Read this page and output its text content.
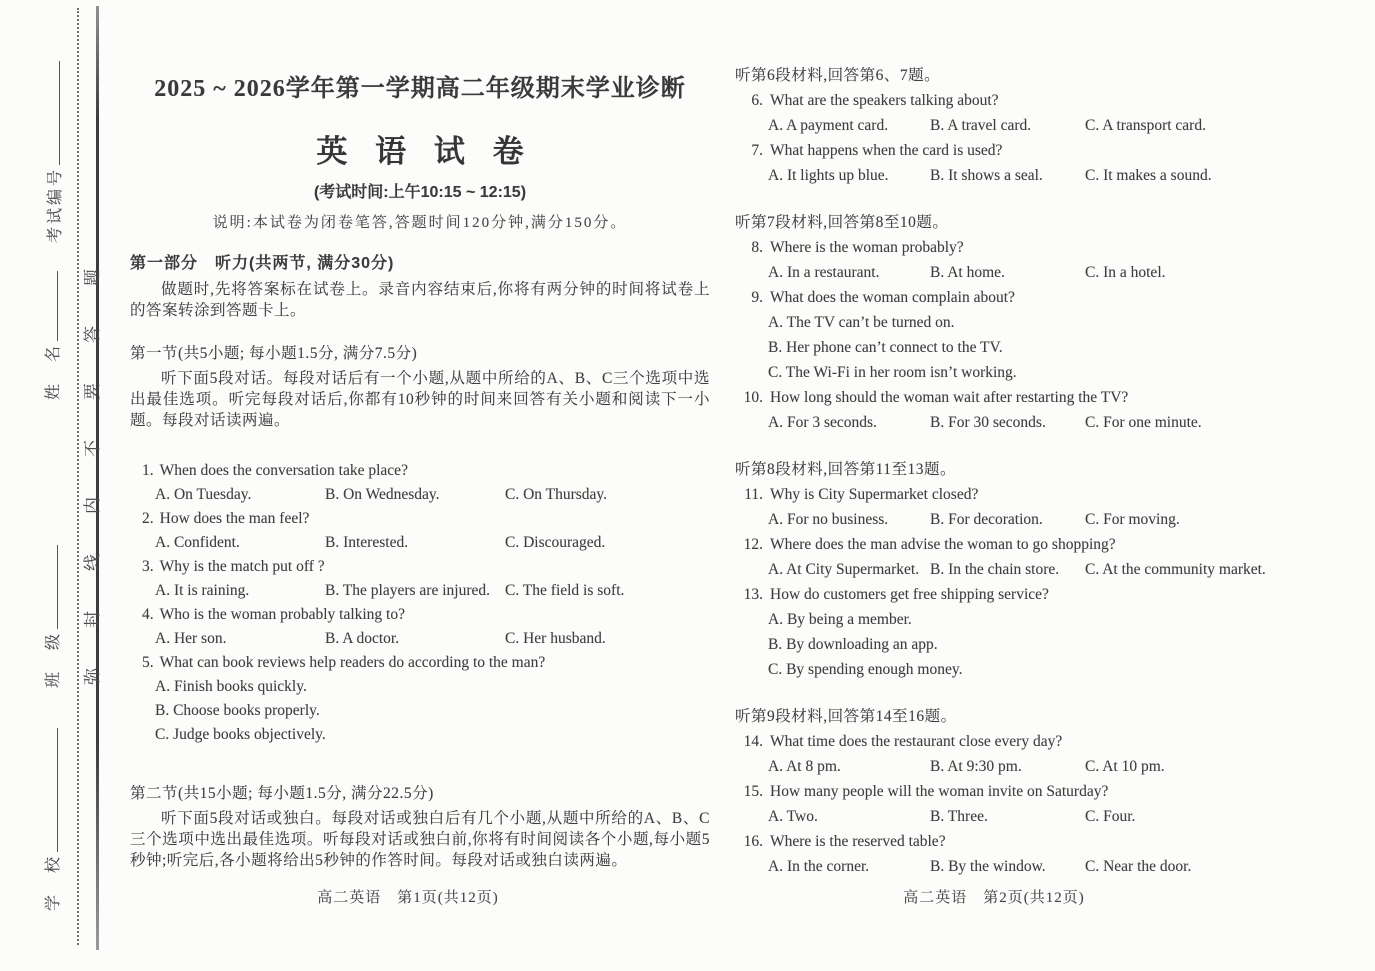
考试编号
姓　名
班　级
学　校
弥封线内不要答题
2025 ~ 2026学年第一学期高二年级期末学业诊断
英 语 试 卷
(考试时间:上午10:15 ~ 12:15)
说明:本试卷为闭卷笔答,答题时间120分钟,满分150分。
第一部分　听力(共两节, 满分30分)

做题时,先将答案标在试卷上。录音内容结束后,你将有两分钟的时间将试卷上的答案转涂到答题卡上。

第一节(共5小题; 每小题1.5分, 满分7.5分)

听下面5段对话。每段对话后有一个小题,从题中所给的A、B、C三个选项中选出最佳选项。听完每段对话后,你都有10秒钟的时间来回答有关小题和阅读下一小题。每段对话读两遍。

1. When does the conversation take place?
A. On Tuesday.	B. On Wednesday.	C. On Thursday.
2. How does the man feel?
A. Confident.	B. Interested.	C. Discouraged.
3. Why is the match put off ?
A. It is raining.	B. The players are injured. C. The field is soft.
4. Who is the woman probably talking to?
A. Her son.	B. A doctor.	C. Her husband.
5. What can book reviews help readers do according to the man?
A. Finish books quickly.
B. Choose books properly.
C. Judge books objectively.
第二节(共15小题; 每小题1.5分, 满分22.5分)

听下面5段对话或独白。每段对话或独白后有几个小题,从题中所给的A、B、C三个选项中选出最佳选项。听每段对话或独白前,你将有时间阅读各个小题,每小题5秒钟;听完后,各小题将给出5秒钟的作答时间。每段对话或独白读两遍。

高二英语　第1页(共12页)
听第6段材料,回答第6、7题。
6. What are the speakers talking about?
A. A payment card.	B. A travel card.	C. A transport card.
7. What happens when the card is used?
A. It lights up blue.	B. It shows a seal.	C. It makes a sound.
听第7段材料,回答第8至10题。
8. Where is the woman probably?
A. In a restaurant.	B. At home.	C. In a hotel.
9. What does the woman complain about?
A. The TV can’t be turned on.
B. Her phone can’t connect to the TV.
C. The Wi-Fi in her room isn’t working.
10. How long should the woman wait after restarting the TV?
A. For 3 seconds.	B. For 30 seconds.	C. For one minute.
听第8段材料,回答第11至13题。
11. Why is City Supermarket closed?
A. For no business.	B. For decoration.	C. For moving.
12. Where does the man advise the woman to go shopping?
A. At City Supermarket. B. In the chain store.	C. At the community market.
13. How do customers get free shipping service?
A. By being a member.
B. By downloading an app.
C. By spending enough money.
听第9段材料,回答第14至16题。
14. What time does the restaurant close every day?
A. At 8 pm.	B. At 9:30 pm.	C. At 10 pm.
15. How many people will the woman invite on Saturday?
A. Two.	B. Three.	C. Four.
16. Where is the reserved table?
A. In the corner.	B. By the window.	C. Near the door.
高二英语　第2页(共12页)
